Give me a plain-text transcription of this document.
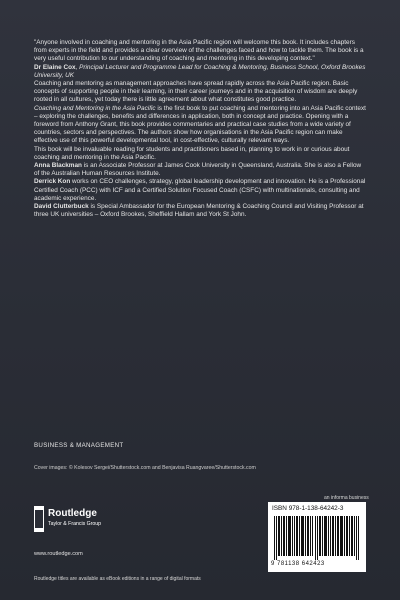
"Anyone involved in coaching and mentoring in the Asia Pacific region will welcome this book. It includes chapters from experts in the field and provides a clear overview of the challenges faced and how to tackle them. The book is a very useful contribution to our understanding of coaching and mentoring in this developing context."

Dr Elaine Cox, Principal Lecturer and Programme Lead for Coaching & Mentoring, Business School, Oxford Brookes University, UK

Coaching and mentoring as management approaches have spread rapidly across the Asia Pacific region. Basic concepts of supporting people in their learning, in their career journeys and in the acquisition of wisdom are deeply rooted in all cultures, yet today there is little agreement about what constitutes good practice.

Coaching and Mentoring in the Asia Pacific is the first book to put coaching and mentoring into an Asia Pacific context – exploring the challenges, benefits and differences in application, both in concept and practice. Opening with a foreword from Anthony Grant, this book provides commentaries and practical case studies from a wide variety of countries, sectors and perspectives. The authors show how organisations in the Asia Pacific region can make effective use of this powerful developmental tool, in cost-effective, culturally relevant ways.

This book will be invaluable reading for students and practitioners based in, planning to work in or curious about coaching and mentoring in the Asia Pacific.

Anna Blackman is an Associate Professor at James Cook University in Queensland, Australia. She is also a Fellow of the Australian Human Resources Institute.

Derrick Kon works on CEO challenges, strategy, global leadership development and innovation. He is a Professional Certified Coach (PCC) with ICF and a Certified Solution Focused Coach (CSFC) with multinationals, consulting and academic experience.

David Clutterbuck is Special Ambassador for the European Mentoring & Coaching Council and Visiting Professor at three UK universities – Oxford Brookes, Sheffield Hallam and York St John.

BUSINESS & MANAGEMENT
Cover images: © Kolesov Sergei/Shutterstock.com and Benjavisa Ruangvaree/Shutterstock.com
Routledge
Taylor & Francis Group
www.routledge.com
Routledge titles are available as eBook editions in a range of digital formats
an informa business
ISBN 978-1-138-64242-3
9 781138 642423
